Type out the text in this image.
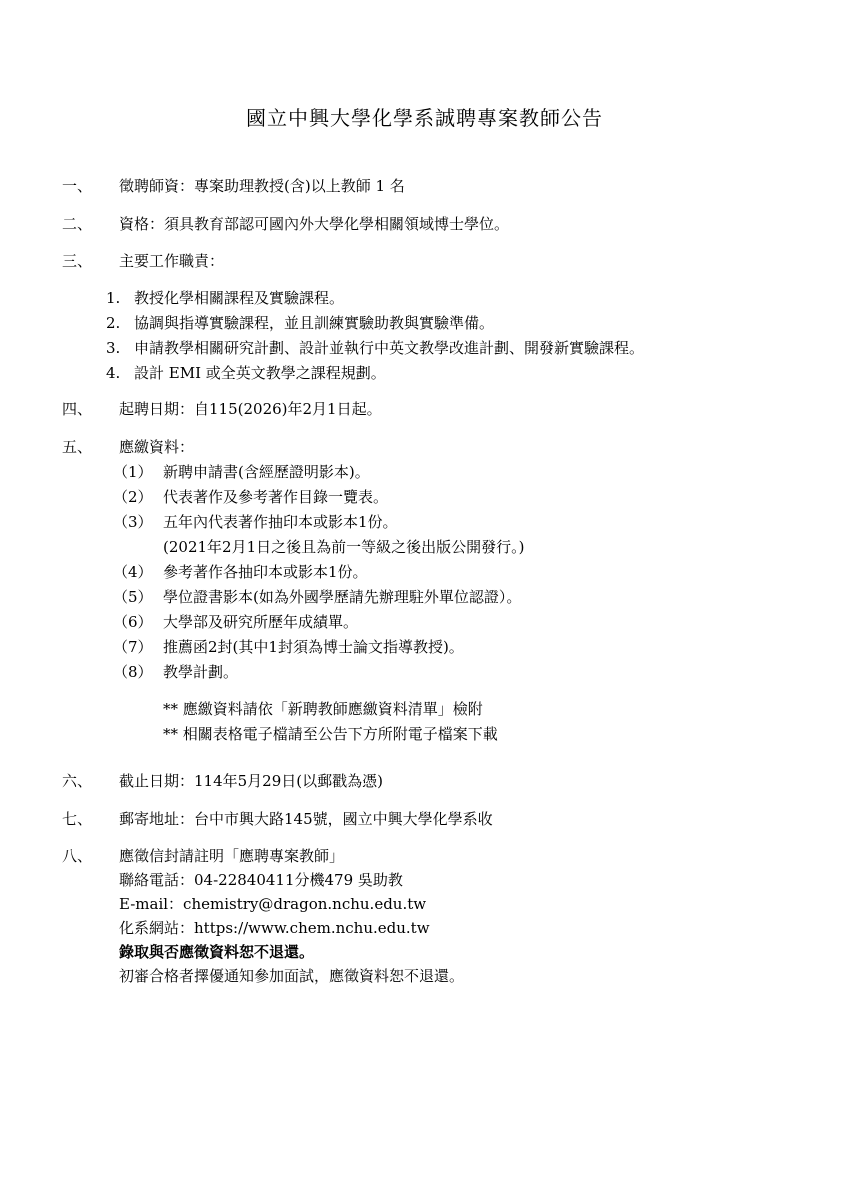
國立中興大學化學系誠聘專案教師公告
一、 徵聘師資：專案助理教授(含)以上教師 1 名
二、 資格：須具教育部認可國內外大學化學相關領域博士學位。
三、 主要工作職責：
1. 教授化學相關課程及實驗課程。
2. 協調與指導實驗課程，並且訓練實驗助教與實驗準備。
3. 申請教學相關研究計劃、設計並執行中英文教學改進計劃、開發新實驗課程。
4. 設計 EMI 或全英文教學之課程規劃。
四、 起聘日期：自115(2026)年2月1日起。
五、 應繳資料：
（1） 新聘申請書(含經歷證明影本)。
（2） 代表著作及參考著作目錄一覽表。
（3） 五年內代表著作抽印本或影本1份。
(2021年2月1日之後且為前一等級之後出版公開發行。)
（4） 參考著作各抽印本或影本1份。
（5） 學位證書影本(如為外國學歷請先辦理駐外單位認證）。
（6） 大學部及研究所歷年成績單。
（7） 推薦函2封(其中1封須為博士論文指導教授)。
（8） 教學計劃。
** 應繳資料請依「新聘教師應繳資料清單」檢附
** 相關表格電子檔請至公告下方所附電子檔案下載
六、 截止日期：114年5月29日(以郵戳為憑)
七、 郵寄地址：台中市興大路145號，國立中興大學化學系收
八、 應徵信封請註明「應聘專案教師」
聯絡電話：04-22840411分機479 吳助教
E-mail：chemistry@dragon.nchu.edu.tw
化系網站：https://www.chem.nchu.edu.tw
錄取與否應徵資料恕不退還。
初審合格者擇優通知參加面試，應徵資料恕不退還。
